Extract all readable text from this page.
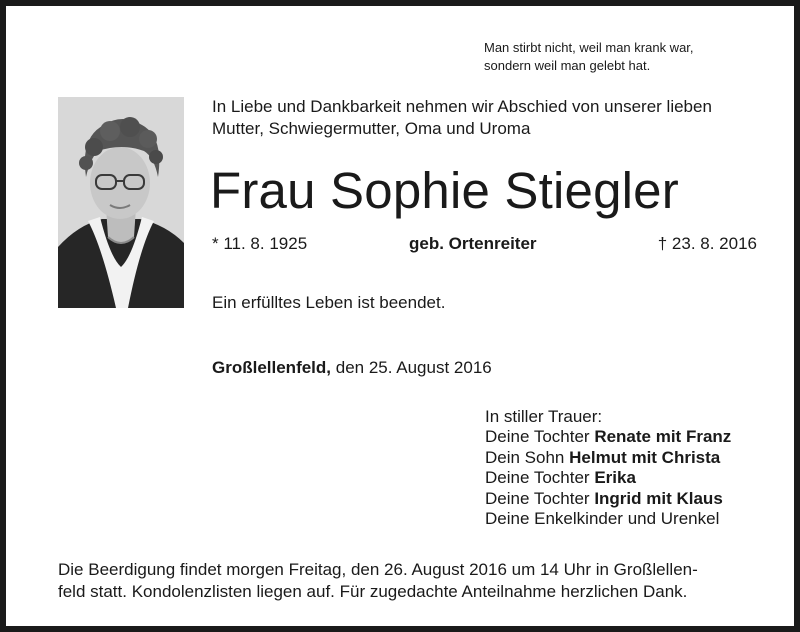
Man stirbt nicht, weil man krank war,
sondern weil man gelebt hat.
In Liebe und Dankbarkeit nehmen wir Abschied von unserer lieben
Mutter, Schwiegermutter, Oma und Uroma
Frau Sophie Stiegler
* 11. 8. 1925	geb. Ortenreiter	† 23. 8. 2016
Ein erfülltes Leben ist beendet.
Großlellenfeld, den 25. August 2016
In stiller Trauer:
Deine Tochter Renate mit Franz
Dein Sohn Helmut mit Christa
Deine Tochter Erika
Deine Tochter Ingrid mit Klaus
Deine Enkelkinder und Urenkel
Die Beerdigung findet morgen Freitag, den 26. August 2016 um 14 Uhr in Großlellen-
feld statt. Kondolenzlisten liegen auf. Für zugedachte Anteilnahme herzlichen Dank.
